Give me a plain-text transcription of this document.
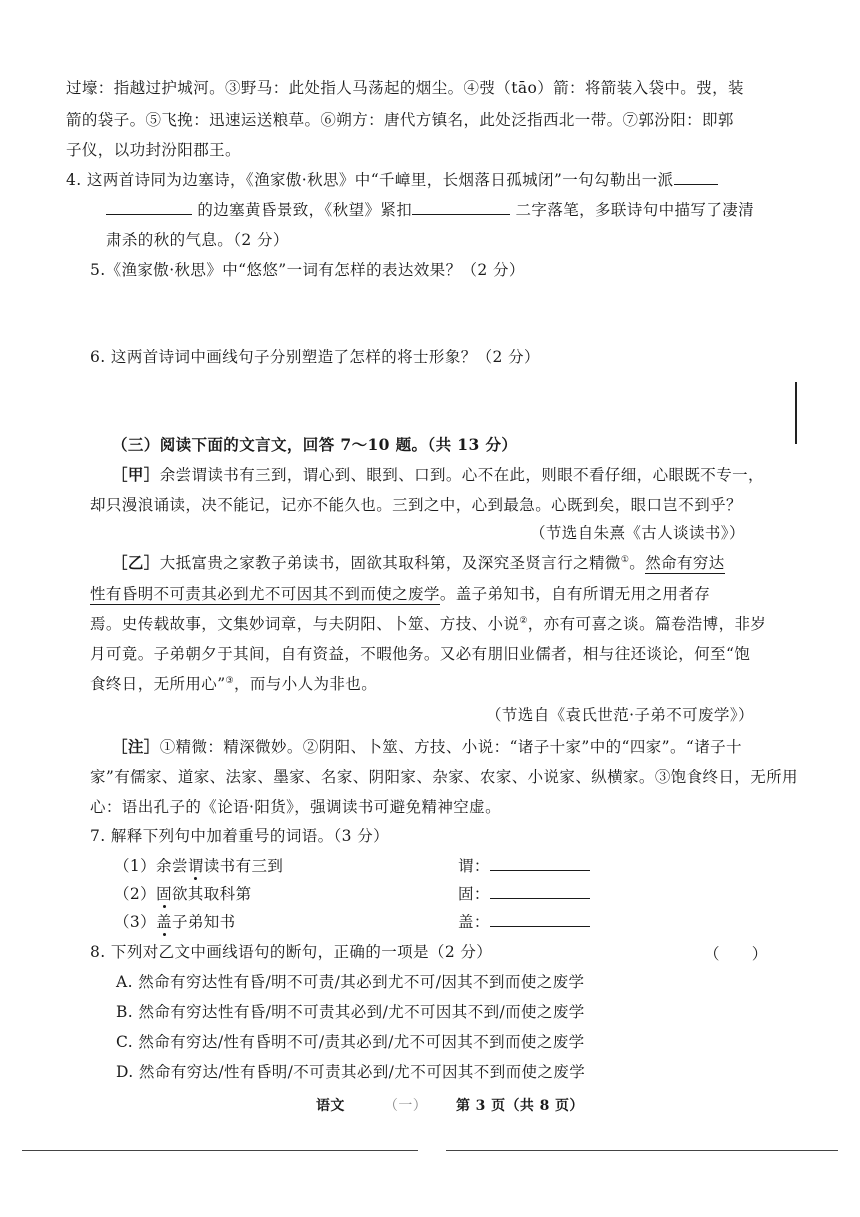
过壕：指越过护城河。③野马：此处指人马荡起的烟尘。④弢（tāo）箭：将箭装入袋中。弢，装
箭的袋子。⑤飞挽：迅速运送粮草。⑥朔方：唐代方镇名，此处泛指西北一带。⑦郭汾阳：即郭
子仪，以功封汾阳郡王。
4. 这两首诗同为边塞诗，《渔家傲·秋思》中“千嶂里，长烟落日孤城闭”一句勾勒出一派
的边塞黄昏景致，《秋望》紧扣	二字落笔，多联诗句中描写了凄清
肃杀的秋的气息。（2 分）
5.《渔家傲·秋思》中“悠悠”一词有怎样的表达效果？（2 分）
6. 这两首诗词中画线句子分别塑造了怎样的将士形象？（2 分）
（三）阅读下面的文言文，回答 7～10 题。（共 13 分）
［甲］余尝谓读书有三到，谓心到、眼到、口到。心不在此，则眼不看仔细，心眼既不专一，
却只漫浪诵读，决不能记，记亦不能久也。三到之中，心到最急。心既到矣，眼口岂不到乎？
（节选自朱熹《古人谈读书》）
［乙］大抵富贵之家教子弟读书，固欲其取科第，及深究圣贤言行之精微①。然命有穷达
性有昏明不可责其必到尤不可因其不到而使之废学。盖子弟知书，自有所谓无用之用者存
焉。史传载故事，文集妙词章，与夫阴阳、卜筮、方技、小说②，亦有可喜之谈。篇卷浩博，非岁
月可竟。子弟朝夕于其间，自有资益，不暇他务。又必有朋旧业儒者，相与往还谈论，何至“饱
食终日，无所用心”③，而与小人为非也。
（节选自《袁氏世范·子弟不可废学》）
［注］①精微：精深微妙。②阴阳、卜筮、方技、小说：“诸子十家”中的“四家”。“诸子十
家”有儒家、道家、法家、墨家、名家、阴阳家、杂家、农家、小说家、纵横家。③饱食终日，无所用
心：语出孔子的《论语·阳货》，强调读书可避免精神空虚。
7. 解释下列句中加着重号的词语。（3 分）
（1）余尝谓读书有三到	谓：
（2）固欲其取科第	固：
（3）盖子弟知书	盖：
8. 下列对乙文中画线语句的断句，正确的一项是（2 分）	（　　）
A. 然命有穷达性有昏/明不可责/其必到尤不可/因其不到而使之废学
B. 然命有穷达性有昏/明不可责其必到/尤不可因其不到/而使之废学
C. 然命有穷达/性有昏明不可/责其必到/尤不可因其不到而使之废学
D. 然命有穷达/性有昏明/不可责其必到/尤不可因其不到而使之废学
语文	（一） 第 3 页（共 8 页）
